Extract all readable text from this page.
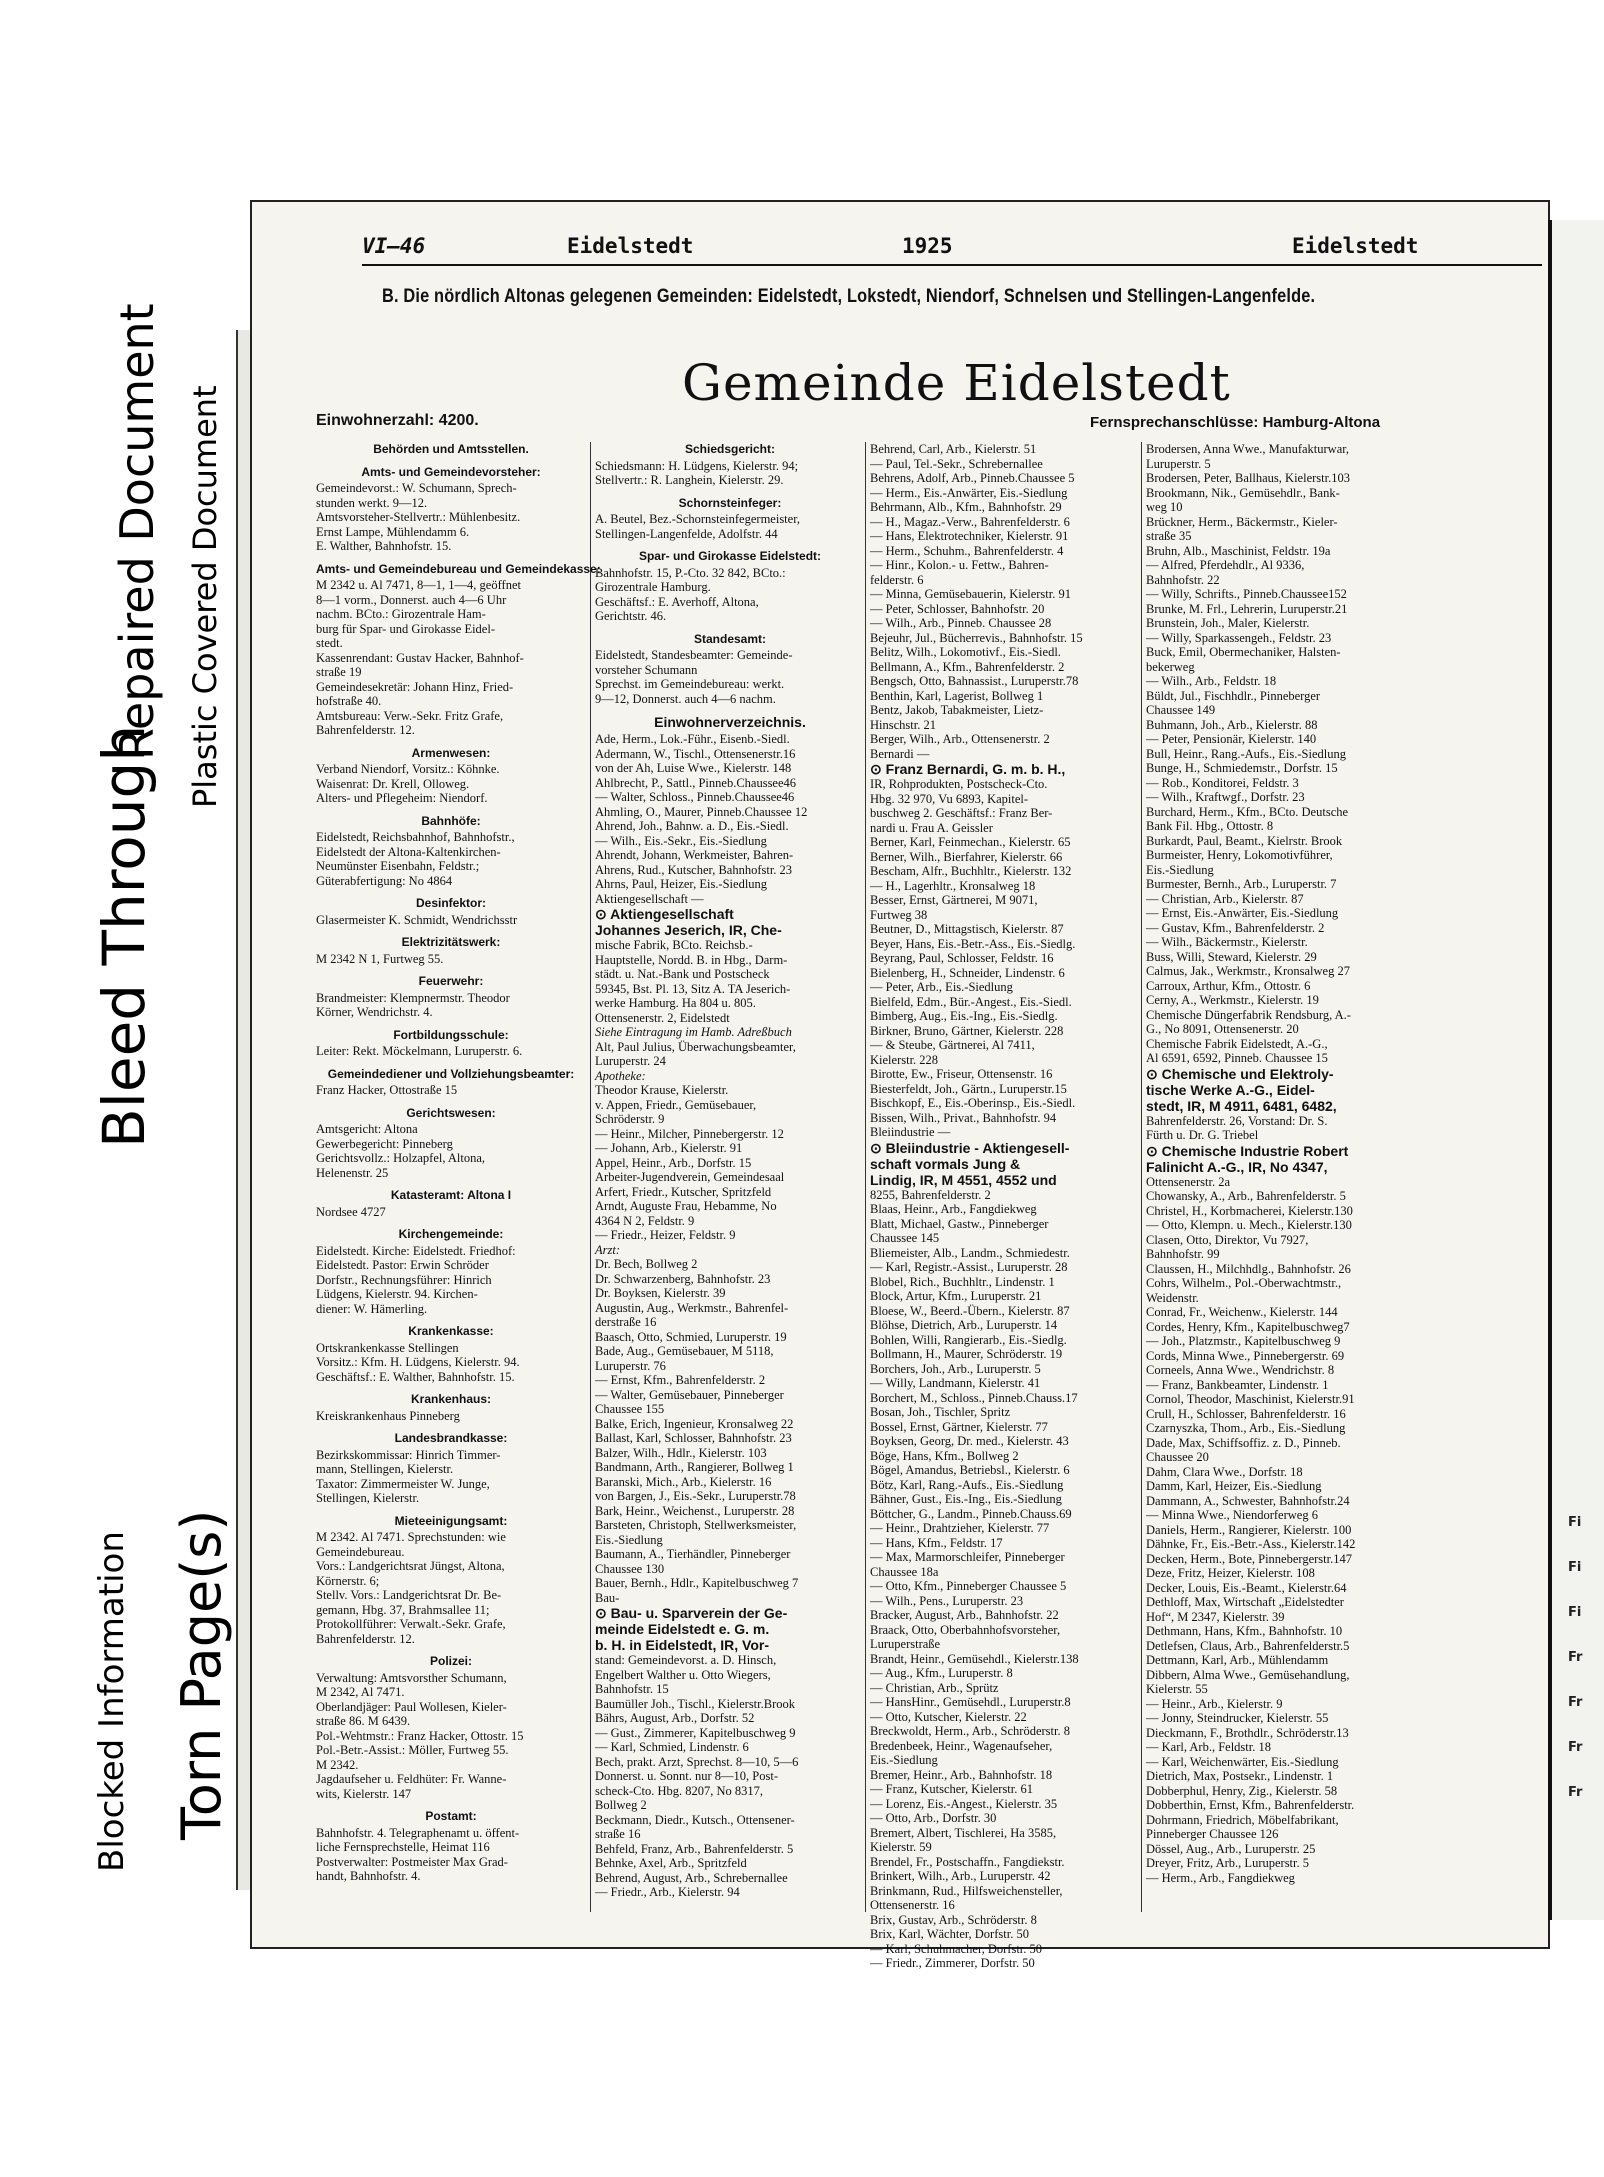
Blocked Information
Bleed Through
Torn Page(s)
Repaired Document Plastic Covered Document
VI—46	Eidelstedt	1925	Eidelstedt
B. Die nördlich Altonas gelegenen Gemeinden: Eidelstedt, Lokstedt, Niendorf, Schnelsen und Stellingen-Langenfelde.
Gemeinde Eidelstedt
Einwohnerzahl: 4200.	Fernsprechanschlüsse: Hamburg-Altona
Behörden und Amtsstellen.
Amts- und Gemeindevorsteher:
Gemeindevorst.: W. Schumann, Sprech-
stunden werkt. 9—12.
Amtsvorsteher-Stellvertr.: Mühlenbesitz.
Ernst Lampe, Mühlendamm 6.
E. Walther, Bahnhofstr. 15.
Amts- und Gemeindebureau und Gemeindekasse:
M 2342 u. Al 7471, 8—1, 1—4, geöffnet
8—1 vorm., Donnerst. auch 4—6 Uhr
nachm. BCto.: Girozentrale Ham-
burg für Spar- und Girokasse Eidel-
stedt.
Kassenrendant: Gustav Hacker, Bahnhof-
straße 19
Gemeindesekretär: Johann Hinz, Fried-
hofstraße 40.
Amtsbureau: Verw.-Sekr. Fritz Grafe,
Bahrenfelderstr. 12.
Armenwesen:
Verband Niendorf, Vorsitz.: Köhnke.
Waisenrat: Dr. Krell, Olloweg.
Alters- und Pflegeheim: Niendorf.
Bahnhöfe:
Eidelstedt, Reichsbahnhof, Bahnhofstr.,
Eidelstedt der Altona-Kaltenkirchen-
Neumünster Eisenbahn, Feldstr.;
Güterabfertigung: No 4864
Desinfektor:
Glasermeister K. Schmidt, Wendrichsstr
Elektrizitätswerk:
M 2342 N 1, Furtweg 55.
Feuerwehr:
Brandmeister: Klempnermstr. Theodor
Körner, Wendrichstr. 4.
Fortbildungsschule:
Leiter: Rekt. Möckelmann, Luruperstr. 6.
Gemeindediener und Vollziehungsbeamter:
Franz Hacker, Ottostraße 15
Gerichtswesen:
Amtsgericht: Altona
Gewerbegericht: Pinneberg
Gerichtsvollz.: Holzapfel, Altona,
Helenenstr. 25
Katasteramt: Altona I
Nordsee 4727
Kirchengemeinde:
Eidelstedt. Kirche: Eidelstedt. Friedhof:
Eidelstedt. Pastor: Erwin Schröder
Dorfstr., Rechnungsführer: Hinrich
Lüdgens, Kielerstr. 94. Kirchen-
diener: W. Hämerling.
Krankenkasse:
Ortskrankenkasse Stellingen
Vorsitz.: Kfm. H. Lüdgens, Kielerstr. 94.
Geschäftsf.: E. Walther, Bahnhofstr. 15.
Krankenhaus:
Kreiskrankenhaus Pinneberg
Landesbrandkasse:
Bezirkskommissar: Hinrich Timmer-
mann, Stellingen, Kielerstr.
Taxator: Zimmermeister W. Junge,
Stellingen, Kielerstr.
Mieteeinigungsamt:
M 2342. Al 7471. Sprechstunden: wie
Gemeindebureau.
Vors.: Landgerichtsrat Jüngst, Altona,
Körnerstr. 6;
Stellv. Vors.: Landgerichtsrat Dr. Be-
gemann, Hbg. 37, Brahmsallee 11;
Protokollführer: Verwalt.-Sekr. Grafe,
Bahrenfelderstr. 12.
Polizei:
Verwaltung: Amtsvorsther Schumann,
M 2342, Al 7471.
Oberlandjäger: Paul Wollesen, Kieler-
straße 86. M 6439.
Pol.-Wehtmstr.: Franz Hacker, Ottostr. 15
Pol.-Betr.-Assist.: Möller, Furtweg 55.
M 2342.
Jagdaufseher u. Feldhüter: Fr. Wanne-
wits, Kielerstr. 147
Postamt:
Bahnhofstr. 4. Telegraphenamt u. öffent-
liche Fernsprechstelle, Heimat 116
Postverwalter: Postmeister Max Grad-
handt, Bahnhofstr. 4.
Schiedsgericht:
Schiedsmann: H. Lüdgens, Kielerstr. 94;
Stellvertr.: R. Langhein, Kielerstr. 29.
Schornsteinfeger:
A. Beutel, Bez.-Schornsteinfegermeister,
Stellingen-Langenfelde, Adolfstr. 44
Spar- und Girokasse Eidelstedt:
Bahnhofstr. 15, P.-Cto. 32 842, BCto.:
Girozentrale Hamburg.
Geschäftsf.: E. Averhoff, Altona,
Gerichtstr. 46.
Standesamt:
Eidelstedt, Standesbeamter: Gemeinde-
vorsteher Schumann
Sprechst. im Gemeindebureau: werkt.
9—12, Donnerst. auch 4—6 nachm.
Einwohnerverzeichnis.
Ade, Herm., Lok.-Führ., Eisenb.-Siedl.
Adermann, W., Tischl., Ottensenerstr.16
von der Ah, Luise Wwe., Kielerstr. 148
Ahlbrecht, P., Sattl., Pinneb.Chaussee46
— Walter, Schloss., Pinneb.Chaussee46
Ahmling, O., Maurer, Pinneb.Chaussee 12
Ahrend, Joh., Bahnw. a. D., Eis.-Siedl.
— Wilh., Eis.-Sekr., Eis.-Siedlung
Ahrendt, Johann, Werkmeister, Bahren-
Ahrens, Rud., Kutscher, Bahnhofstr. 23
Ahrns, Paul, Heizer, Eis.-Siedlung
Aktiengesellschaft —
⊙ Aktiengesellschaft
Johannes Jeserich, IR, Che-
mische Fabrik, BCto. Reichsb.-
Hauptstelle, Nordd. B. in Hbg., Darm-
städt. u. Nat.-Bank und Postscheck
59345, Bst. Pl. 13, Sitz A. TA Jeserich-
werke Hamburg. Ha 804 u. 805.
Ottensenerstr. 2, Eidelstedt
Siehe Eintragung im Hamb. Adreßbuch
Alt, Paul Julius, Überwachungsbeamter,
Luruperstr. 24
Apotheke:
Theodor Krause, Kielerstr.
v. Appen, Friedr., Gemüsebauer,
Schröderstr. 9
— Heinr., Milcher, Pinnebergerstr. 12
— Johann, Arb., Kielerstr. 91
Appel, Heinr., Arb., Dorfstr. 15
Arbeiter-Jugendverein, Gemeindesaal
Arfert, Friedr., Kutscher, Spritzfeld
Arndt, Auguste Frau, Hebamme, No
4364 N 2, Feldstr. 9
— Friedr., Heizer, Feldstr. 9
Arzt:
Dr. Bech, Bollweg 2
Dr. Schwarzenberg, Bahnhofstr. 23
Dr. Boyksen, Kielerstr. 39
Augustin, Aug., Werkmstr., Bahrenfel-
derstraße 16
Baasch, Otto, Schmied, Luruperstr. 19
Bade, Aug., Gemüsebauer, M 5118,
Luruperstr. 76
— Ernst, Kfm., Bahrenfelderstr. 2
— Walter, Gemüsebauer, Pinneberger
Chaussee 155
Balke, Erich, Ingenieur, Kronsalweg 22
Ballast, Karl, Schlosser, Bahnhofstr. 23
Balzer, Wilh., Hdlr., Kielerstr. 103
Bandmann, Arth., Rangierer, Bollweg 1
Baranski, Mich., Arb., Kielerstr. 16
von Bargen, J., Eis.-Sekr., Luruperstr.78
Bark, Heinr., Weichenst., Luruperstr. 28
Barsteten, Christoph, Stellwerksmeister,
Eis.-Siedlung
Baumann, A., Tierhändler, Pinneberger
Chaussee 130
Bauer, Bernh., Hdlr., Kapitelbuschweg 7
Bau-
⊙ Bau- u. Sparverein der Ge-
meinde Eidelstedt e. G. m.
b. H. in Eidelstedt, IR, Vor-
stand: Gemeindevorst. a. D. Hinsch,
Engelbert Walther u. Otto Wiegers,
Bahnhofstr. 15
Baumüller Joh., Tischl., Kielerstr.Brook
Bährs, August, Arb., Dorfstr. 52
— Gust., Zimmerer, Kapitelbuschweg 9
— Karl, Schmied, Lindenstr. 6
Bech, prakt. Arzt, Sprechst. 8—10, 5—6
Donnerst. u. Sonnt. nur 8—10, Post-
scheck-Cto. Hbg. 8207, No 8317,
Bollweg 2
Beckmann, Diedr., Kutsch., Ottensener-
straße 16
Behfeld, Franz, Arb., Bahrenfelderstr. 5
Behnke, Axel, Arb., Spritzfeld
Behrend, August, Arb., Schrebernallee
— Friedr., Arb., Kielerstr. 94
Behrend, Carl, Arb., Kielerstr. 51
— Paul, Tel.-Sekr., Schrebernallee
Behrens, Adolf, Arb., Pinneb.Chaussee 5
— Herm., Eis.-Anwärter, Eis.-Siedlung
Behrmann, Alb., Kfm., Bahnhofstr. 29
— H., Magaz.-Verw., Bahrenfelderstr. 6
— Hans, Elektrotechniker, Kielerstr. 91
— Herm., Schuhm., Bahrenfelderstr. 4
— Hinr., Kolon.- u. Fettw., Bahren-
felderstr. 6
— Minna, Gemüsebauerin, Kielerstr. 91
— Peter, Schlosser, Bahnhofstr. 20
— Wilh., Arb., Pinneb. Chaussee 28
Bejeuhr, Jul., Bücherrevis., Bahnhofstr. 15
Belitz, Wilh., Lokomotivf., Eis.-Siedl.
Bellmann, A., Kfm., Bahrenfelderstr. 2
Bengsch, Otto, Bahnassist., Luruperstr.78
Benthin, Karl, Lagerist, Bollweg 1
Bentz, Jakob, Tabakmeister, Lietz-
Hinschstr. 21
Berger, Wilh., Arb., Ottensenerstr. 2
Bernardi —
⊙ Franz Bernardi, G. m. b. H.,
IR, Rohprodukten, Postscheck-Cto.
Hbg. 32 970, Vu 6893, Kapitel-
buschweg 2. Geschäftsf.: Franz Ber-
nardi u. Frau A. Geissler
Berner, Karl, Feinmechan., Kielerstr. 65
Berner, Wilh., Bierfahrer, Kielerstr. 66
Bescham, Alfr., Buchhltr., Kielerstr. 132
— H., Lagerhltr., Kronsalweg 18
Besser, Ernst, Gärtnerei, M 9071,
Furtweg 38
Beutner, D., Mittagstisch, Kielerstr. 87
Beyer, Hans, Eis.-Betr.-Ass., Eis.-Siedlg.
Beyrang, Paul, Schlosser, Feldstr. 16
Bielenberg, H., Schneider, Lindenstr. 6
— Peter, Arb., Eis.-Siedlung
Bielfeld, Edm., Bür.-Angest., Eis.-Siedl.
Bimberg, Aug., Eis.-Ing., Eis.-Siedlg.
Birkner, Bruno, Gärtner, Kielerstr. 228
— & Steube, Gärtnerei, Al 7411,
Kielerstr. 228
Birotte, Ew., Friseur, Ottensenstr. 16
Biesterfeldt, Joh., Gärtn., Luruperstr.15
Bischkopf, E., Eis.-Oberinsp., Eis.-Siedl.
Bissen, Wilh., Privat., Bahnhofstr. 94
Bleiindustrie —
⊙ Bleiindustrie - Aktiengesell-
schaft vormals Jung &
Lindig, IR, M 4551, 4552 und
8255, Bahrenfelderstr. 2
Blaas, Heinr., Arb., Fangdiekweg
Blatt, Michael, Gastw., Pinneberger
Chaussee 145
Bliemeister, Alb., Landm., Schmiedestr.
— Karl, Registr.-Assist., Luruperstr. 28
Blobel, Rich., Buchhltr., Lindenstr. 1
Block, Artur, Kfm., Luruperstr. 21
Bloese, W., Beerd.-Übern., Kielerstr. 87
Blöhse, Dietrich, Arb., Luruperstr. 14
Bohlen, Willi, Rangierarb., Eis.-Siedlg.
Bollmann, H., Maurer, Schröderstr. 19
Borchers, Joh., Arb., Luruperstr. 5
— Willy, Landmann, Kielerstr. 41
Borchert, M., Schloss., Pinneb.Chauss.17
Bosan, Joh., Tischler, Spritz
Bossel, Ernst, Gärtner, Kielerstr. 77
Boyksen, Georg, Dr. med., Kielerstr. 43
Böge, Hans, Kfm., Bollweg 2
Bögel, Amandus, Betriebsl., Kielerstr. 6
Bötz, Karl, Rang.-Aufs., Eis.-Siedlung
Bähner, Gust., Eis.-Ing., Eis.-Siedlung
Böttcher, G., Landm., Pinneb.Chauss.69
— Heinr., Drahtzieher, Kielerstr. 77
— Hans, Kfm., Feldstr. 17
— Max, Marmorschleifer, Pinneberger
Chaussee 18a
— Otto, Kfm., Pinneberger Chaussee 5
— Wilh., Pens., Luruperstr. 23
Bracker, August, Arb., Bahnhofstr. 22
Braack, Otto, Oberbahnhofsvorsteher,
Luruperstraße
Brandt, Heinr., Gemüsehdl., Kielerstr.138
— Aug., Kfm., Luruperstr. 8
— Christian, Arb., Sprütz
— HansHinr., Gemüsehdl., Luruperstr.8
— Otto, Kutscher, Kielerstr. 22
Breckwoldt, Herm., Arb., Schröderstr. 8
Bredenbeek, Heinr., Wagenaufseher,
Eis.-Siedlung
Bremer, Heinr., Arb., Bahnhofstr. 18
— Franz, Kutscher, Kielerstr. 61
— Lorenz, Eis.-Angest., Kielerstr. 35
— Otto, Arb., Dorfstr. 30
Bremert, Albert, Tischlerei, Ha 3585,
Kielerstr. 59
Brendel, Fr., Postschaffn., Fangdiekstr.
Brinkert, Wilh., Arb., Luruperstr. 42
Brinkmann, Rud., Hilfsweichensteller,
Ottensenerstr. 16
Brix, Gustav, Arb., Schröderstr. 8
Brix, Karl, Wächter, Dorfstr. 50
— Karl, Schuhmacher, Dorfstr. 50
— Friedr., Zimmerer, Dorfstr. 50
Brodersen, Anna Wwe., Manufakturwar,
Luruperstr. 5
Brodersen, Peter, Ballhaus, Kielerstr.103
Brookmann, Nik., Gemüsehdlr., Bank-
weg 10
Brückner, Herm., Bäckermstr., Kieler-
straße 35
Bruhn, Alb., Maschinist, Feldstr. 19a
— Alfred, Pferdehdlr., Al 9336,
Bahnhofstr. 22
— Willy, Schrifts., Pinneb.Chaussee152
Brunke, M. Frl., Lehrerin, Luruperstr.21
Brunstein, Joh., Maler, Kielerstr.
— Willy, Sparkassengeh., Feldstr. 23
Buck, Emil, Obermechaniker, Halsten-
bekerweg
— Wilh., Arb., Feldstr. 18
Büldt, Jul., Fischhdlr., Pinneberger
Chaussee 149
Buhmann, Joh., Arb., Kielerstr. 88
— Peter, Pensionär, Kielerstr. 140
Bull, Heinr., Rang.-Aufs., Eis.-Siedlung
Bunge, H., Schmiedemstr., Dorfstr. 15
— Rob., Konditorei, Feldstr. 3
— Wilh., Kraftwgf., Dorfstr. 23
Burchard, Herm., Kfm., BCto. Deutsche
Bank Fil. Hbg., Ottostr. 8
Burkardt, Paul, Beamt., Kielrstr. Brook
Burmeister, Henry, Lokomotivführer,
Eis.-Siedlung
Burmester, Bernh., Arb., Luruperstr. 7
— Christian, Arb., Kielerstr. 87
— Ernst, Eis.-Anwärter, Eis.-Siedlung
— Gustav, Kfm., Bahrenfelderstr. 2
— Wilh., Bäckermstr., Kielerstr.
Buss, Willi, Steward, Kielerstr. 29
Calmus, Jak., Werkmstr., Kronsalweg 27
Carroux, Arthur, Kfm., Ottostr. 6
Cerny, A., Werkmstr., Kielerstr. 19
Chemische Düngerfabrik Rendsburg, A.-
G., No 8091, Ottensenerstr. 20
Chemische Fabrik Eidelstedt, A.-G.,
Al 6591, 6592, Pinneb. Chaussee 15
⊙ Chemische und Elektroly-
tische Werke A.-G., Eidel-
stedt, IR, M 4911, 6481, 6482,
Bahrenfelderstr. 26, Vorstand: Dr. S.
Fürth u. Dr. G. Triebel
⊙ Chemische Industrie Robert
Falinicht A.-G., IR, No 4347,
Ottensenerstr. 2a
Chowansky, A., Arb., Bahrenfelderstr. 5
Christel, H., Korbmacherei, Kielerstr.130
— Otto, Klempn. u. Mech., Kielerstr.130
Clasen, Otto, Direktor, Vu 7927,
Bahnhofstr. 99
Claussen, H., Milchhdlg., Bahnhofstr. 26
Cohrs, Wilhelm., Pol.-Oberwachtmstr.,
Weidenstr.
Conrad, Fr., Weichenw., Kielerstr. 144
Cordes, Henry, Kfm., Kapitelbuschweg7
— Joh., Platzmstr., Kapitelbuschweg 9
Cords, Minna Wwe., Pinnebergerstr. 69
Corneels, Anna Wwe., Wendrichstr. 8
— Franz, Bankbeamter, Lindenstr. 1
Cornol, Theodor, Maschinist, Kielerstr.91
Crull, H., Schlosser, Bahrenfelderstr. 16
Czarnyszka, Thom., Arb., Eis.-Siedlung
Dade, Max, Schiffsoffiz. z. D., Pinneb.
Chaussee 20
Dahm, Clara Wwe., Dorfstr. 18
Damm, Karl, Heizer, Eis.-Siedlung
Dammann, A., Schwester, Bahnhofstr.24
— Minna Wwe., Niendorferweg 6
Daniels, Herm., Rangierer, Kielerstr. 100
Dähnke, Fr., Eis.-Betr.-Ass., Kielerstr.142
Decken, Herm., Bote, Pinnebergerstr.147
Deze, Fritz, Heizer, Kielerstr. 108
Decker, Louis, Eis.-Beamt., Kielerstr.64
Dethloff, Max, Wirtschaft „Eidelstedter
Hof“, M 2347, Kielerstr. 39
Dethmann, Hans, Kfm., Bahnhofstr. 10
Detlefsen, Claus, Arb., Bahrenfelderstr.5
Dettmann, Karl, Arb., Mühlendamm
Dibbern, Alma Wwe., Gemüsehandlung,
Kielerstr. 55
— Heinr., Arb., Kielerstr. 9
— Jonny, Steindrucker, Kielerstr. 55
Dieckmann, F., Brothdlr., Schröderstr.13
— Karl, Arb., Feldstr. 18
— Karl, Weichenwärter, Eis.-Siedlung
Dietrich, Max, Postsekr., Lindenstr. 1
Dobberphul, Henry, Zig., Kielerstr. 58
Dobberthin, Ernst, Kfm., Bahrenfelderstr.
Dohrmann, Friedrich, Möbelfabrikant,
Pinneberger Chaussee 126
Dössel, Aug., Arb., Luruperstr. 25
Dreyer, Fritz, Arb., Luruperstr. 5
— Herm., Arb., Fangdiekweg
Fi
Fi
Fi
Fr
Fr
Fr
Fr
